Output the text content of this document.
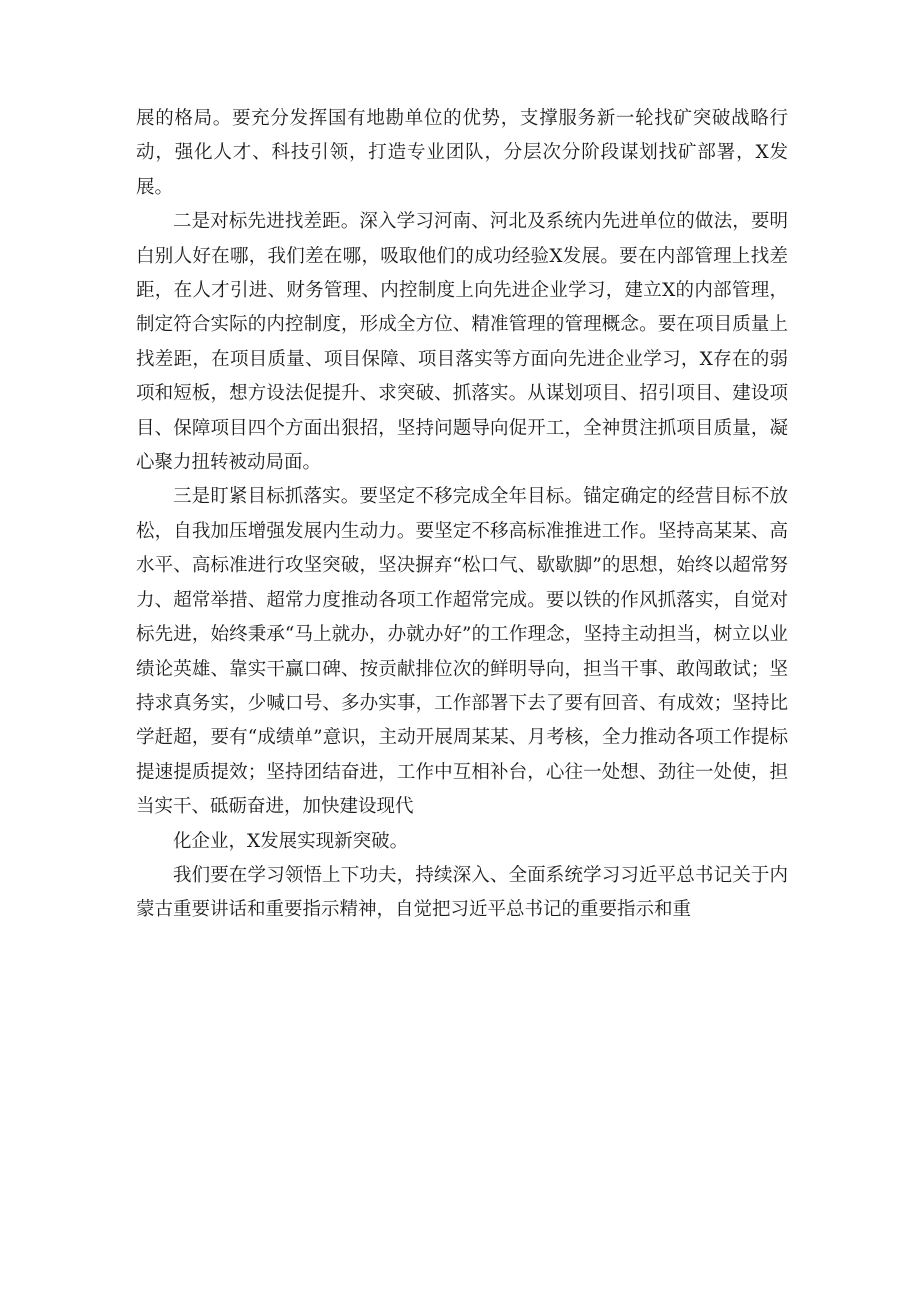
展的格局。要充分发挥国有地勘单位的优势，支撑服务新一轮找矿突破战略行动，强化人才、科技引领，打造专业团队，分层次分阶段谋划找矿部署，X发展。

二是对标先进找差距。深入学习河南、河北及系统内先进单位的做法，要明白别人好在哪，我们差在哪，吸取他们的成功经验X发展。要在内部管理上找差距，在人才引进、财务管理、内控制度上向先进企业学习，建立X的内部管理，制定符合实际的内控制度，形成全方位、精准管理的管理概念。要在项目质量上找差距，在项目质量、项目保障、项目落实等方面向先进企业学习，X存在的弱项和短板，想方设法促提升、求突破、抓落实。从谋划项目、招引项目、建设项目、保障项目四个方面出狠招，坚持问题导向促开工，全神贯注抓项目质量，凝心聚力扭转被动局面。

三是盯紧目标抓落实。要坚定不移完成全年目标。锚定确定的经营目标不放松，自我加压增强发展内生动力。要坚定不移高标准推进工作。坚持高某某、高水平、高标准进行攻坚突破，坚决摒弃“松口气、歇歇脚”的思想，始终以超常努力、超常举措、超常力度推动各项工作超常完成。要以铁的作风抓落实，自觉对标先进，始终秉承“马上就办，办就办好”的工作理念，坚持主动担当，树立以业绩论英雄、靠实干赢口碑、按贡献排位次的鲜明导向，担当干事、敢闯敢试；坚持求真务实，少喊口号、多办实事，工作部署下去了要有回音、有成效；坚持比学赶超，要有“成绩单”意识，主动开展周某某、月考核，全力推动各项工作提标提速提质提效；坚持团结奋进，工作中互相补台，心往一处想、劲往一处使，担当实干、砥砺奋进，加快建设现代

化企业，X发展实现新突破。

我们要在学习领悟上下功夫，持续深入、全面系统学习习近平总书记关于内蒙古重要讲话和重要指示精神，自觉把习近平总书记的重要指示和重
